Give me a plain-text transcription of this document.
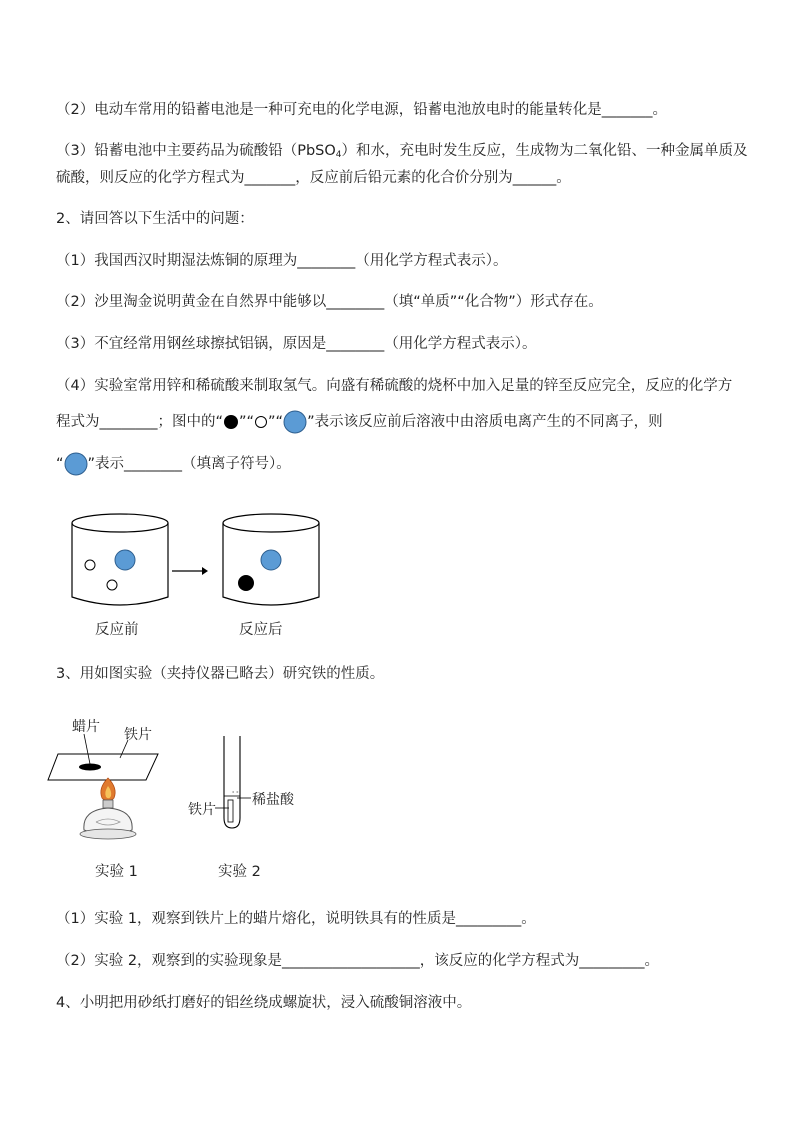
（2）电动车常用的铅蓄电池是一种可充电的化学电源，铅蓄电池放电时的能量转化是_______。
（3）铅蓄电池中主要药品为硫酸铅（PbSO$_4$）和水，充电时发生反应，生成物为二氧化铅、一种金属单质及
硫酸，则反应的化学方程式为_______，反应前后铅元素的化合价分别为______。
2、请回答以下生活中的问题：
（1）我国西汉时期湿法炼铜的原理为________（用化学方程式表示）。
（2）沙里淘金说明黄金在自然界中能够以________（填“单质”“化合物”）形式存在。
（3）不宜经常用钢丝球擦拭铝锅，原因是________（用化学方程式表示）。
（4）实验室常用锌和稀硫酸来制取氢气。向盛有稀硫酸的烧杯中加入足量的锌至反应完全，反应的化学方
程式为________；图中的“ ”“ ”“ ”表示该反应前后溶液中由溶质电离产生的不同离子，则
“ ”表示________（填离子符号）。
反应前	反应后
3、用如图实验（夹持仪器已略去）研究铁的性质。
蜡片 铁片
实验 1
° °
铁片
稀盐酸
实验 2
（1）实验 1，观察到铁片上的蜡片熔化，说明铁具有的性质是_________。
（2）实验 2，观察到的实验现象是___________________，该反应的化学方程式为_________。
4、小明把用砂纸打磨好的铝丝绕成螺旋状，浸入硫酸铜溶液中。
